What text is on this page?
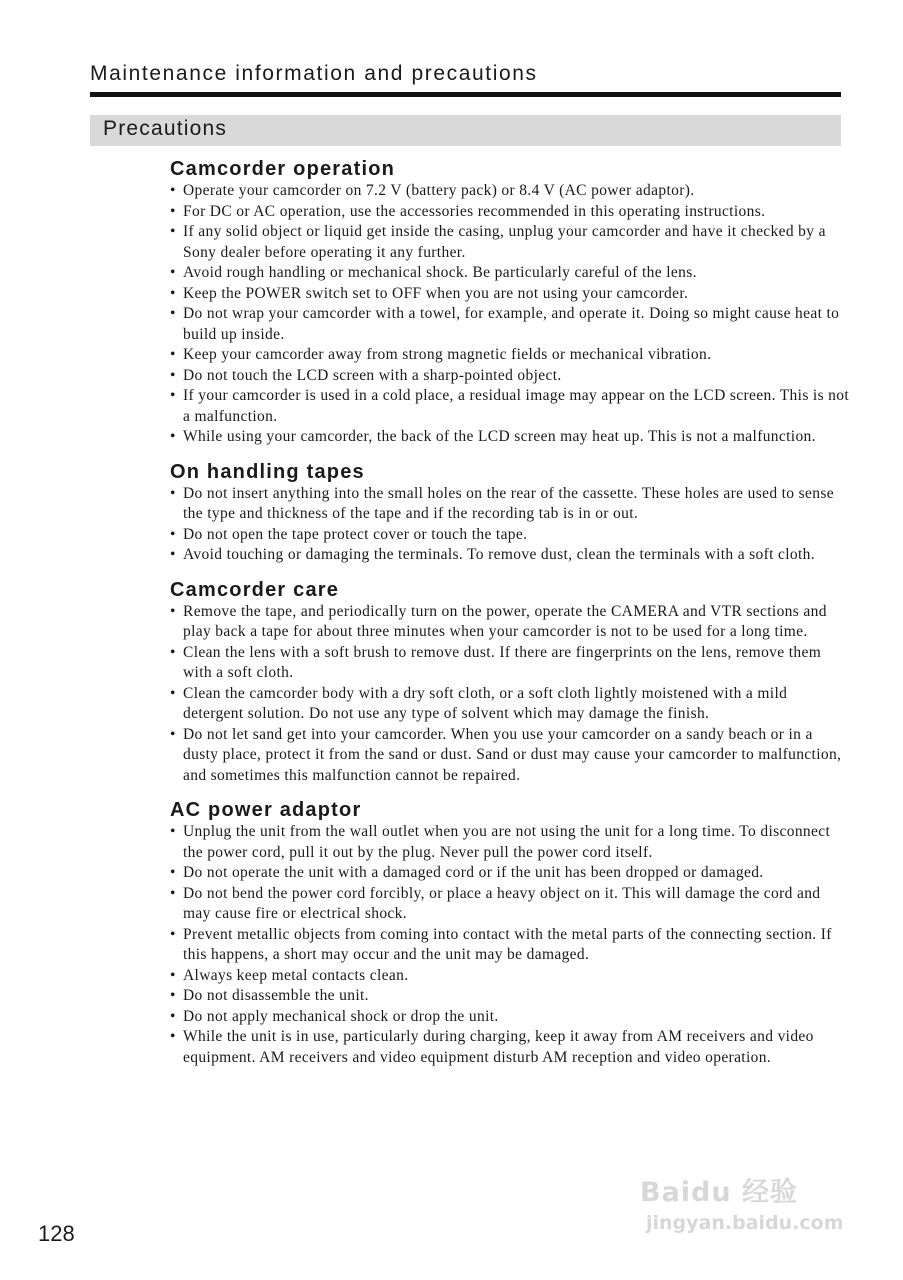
Maintenance information and precautions
Precautions
Camcorder operation
• Operate your camcorder on 7.2 V (battery pack) or 8.4 V (AC power adaptor).
• For DC or AC operation, use the accessories recommended in this operating instructions.
• If any solid object or liquid get inside the casing, unplug your camcorder and have it checked by a Sony dealer before operating it any further.
• Avoid rough handling or mechanical shock. Be particularly careful of the lens.
• Keep the POWER switch set to OFF when you are not using your camcorder.
• Do not wrap your camcorder with a towel, for example, and operate it. Doing so might cause heat to build up inside.
• Keep your camcorder away from strong magnetic fields or mechanical vibration.
• Do not touch the LCD screen with a sharp-pointed object.
• If your camcorder is used in a cold place, a residual image may appear on the LCD screen. This is not a malfunction.
• While using your camcorder, the back of the LCD screen may heat up. This is not a malfunction.
On handling tapes
• Do not insert anything into the small holes on the rear of the cassette. These holes are used to sense the type and thickness of the tape and if the recording tab is in or out.
• Do not open the tape protect cover or touch the tape.
• Avoid touching or damaging the terminals. To remove dust, clean the terminals with a soft cloth.
Camcorder care
• Remove the tape, and periodically turn on the power, operate the CAMERA and VTR sections and play back a tape for about three minutes when your camcorder is not to be used for a long time.
• Clean the lens with a soft brush to remove dust. If there are fingerprints on the lens, remove them with a soft cloth.
• Clean the camcorder body with a dry soft cloth, or a soft cloth lightly moistened with a mild detergent solution. Do not use any type of solvent which may damage the finish.
• Do not let sand get into your camcorder. When you use your camcorder on a sandy beach or in a dusty place, protect it from the sand or dust. Sand or dust may cause your camcorder to malfunction, and sometimes this malfunction cannot be repaired.
AC power adaptor
• Unplug the unit from the wall outlet when you are not using the unit for a long time. To disconnect the power cord, pull it out by the plug. Never pull the power cord itself.
• Do not operate the unit with a damaged cord or if the unit has been dropped or damaged.
• Do not bend the power cord forcibly, or place a heavy object on it. This will damage the cord and may cause fire or electrical shock.
• Prevent metallic objects from coming into contact with the metal parts of the connecting section. If this happens, a short may occur and the unit may be damaged.
• Always keep metal contacts clean.
• Do not disassemble the unit.
• Do not apply mechanical shock or drop the unit.
• While the unit is in use, particularly during charging, keep it away from AM receivers and video equipment. AM receivers and video equipment disturb AM reception and video operation.
128
Baidu 经验
jingyan.baidu.com
